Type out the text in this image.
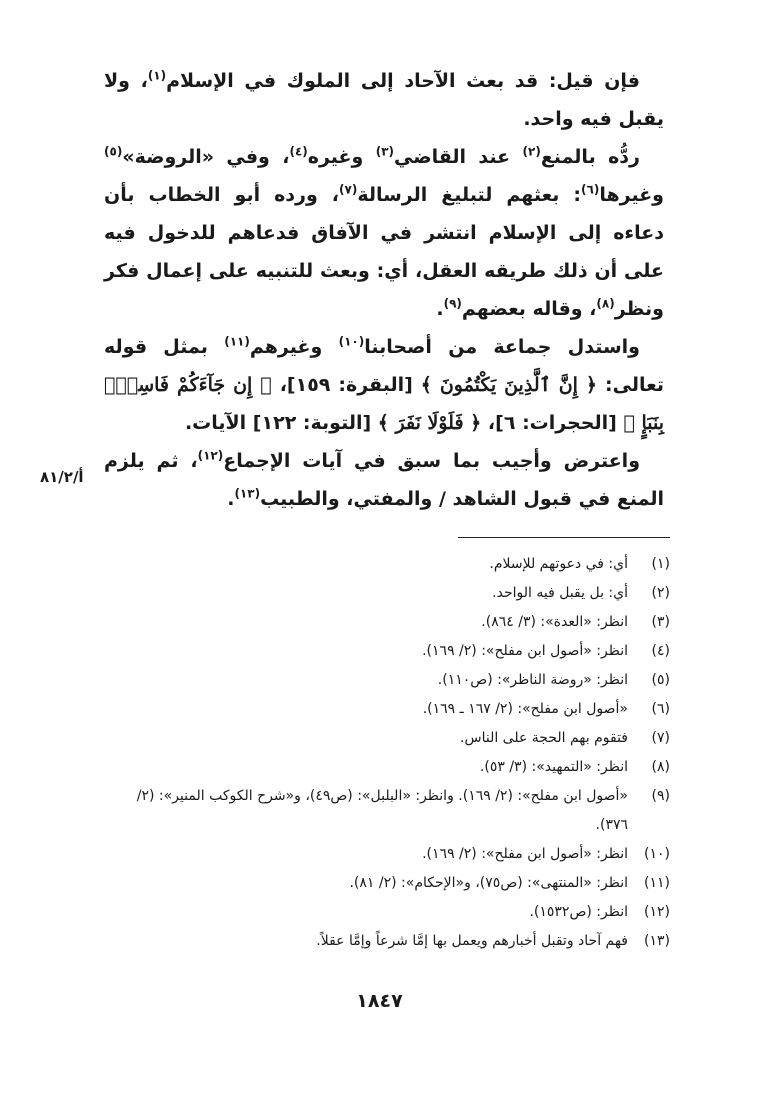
فإن قيل: قد بعث الآحاد إلى الملوك في الإسلام$^{(١)}$، ولا يقبل فيه واحد.

ردُّه بالمنع$^{(٢)}$ عند القاضي$^{(٣)}$ وغيره$^{(٤)}$، وفي «الروضة»$^{(٥)}$ وغيرها$^{(٦)}$: بعثهم لتبليغ الرسالة$^{(٧)}$، ورده أبو الخطاب بأن دعاءه إلى الإسلام انتشر في الآفاق فدعاهم للدخول فيه على أن ذلك طريقه العقل، أي: وبعث للتنبيه على إعمال فكر ونظر$^{(٨)}$، وقاله بعضهم$^{(٩)}$.

واستدل جماعة من أصحابنا$^{(١٠)}$ وغيرهم$^{(١١)}$ بمثل قوله تعالى: ﴿ إِنَّ ٱلَّذِينَ يَكْتُمُونَ ﴾ [البقرة: ١٥٩]، ﴿ إِن جَآءَكُمْ فَاسِقٌۢ بِنَبَإٍ ﴾ [الحجرات: ٦]، ﴿ فَلَوْلَا نَفَرَ ﴾ [التوبة: ١٢٢] الآيات.

واعترض وأجيب بما سبق في آيات الإجماع$^{(١٢)}$، ثم يلزم المنع في قبول الشاهد / والمفتي، والطبيب$^{(١٣)}$.

أ/٨١/٢
(١)
أي: في دعوتهم للإسلام.
(٢)
أي: بل يقبل فيه الواحد.
(٣)
انظر: «العدة»: (٣/ ٨٦٤).
(٤)
انظر: «أصول ابن مفلح»: (٢/ ١٦٩).
(٥)
انظر: «روضة الناظر»: (ص١١٠).
(٦)
«أصول ابن مفلح»: (٢/ ١٦٧ ـ ١٦٩).
(٧)
فتقوم بهم الحجة على الناس.
(٨)
انظر: «التمهيد»: (٣/ ٥٣).
(٩)
«أصول ابن مفلح»: (٢/ ١٦٩). وانظر: «البلبل»: (ص٤٩)، و«شرح الكوكب المنير»: (٢/ ٣٧٦).
(١٠)
انظر: «أصول ابن مفلح»: (٢/ ١٦٩).
(١١)
انظر: «المنتهى»: (ص٧٥)، و«الإحكام»: (٢/ ٨١).
(١٢)
انظر: (ص١٥٣٢).
(١٣)
فهم آحاد وتقبل أخبارهم ويعمل بها إمَّا شرعاً وإمَّا عقلاً.
١٨٤٧
